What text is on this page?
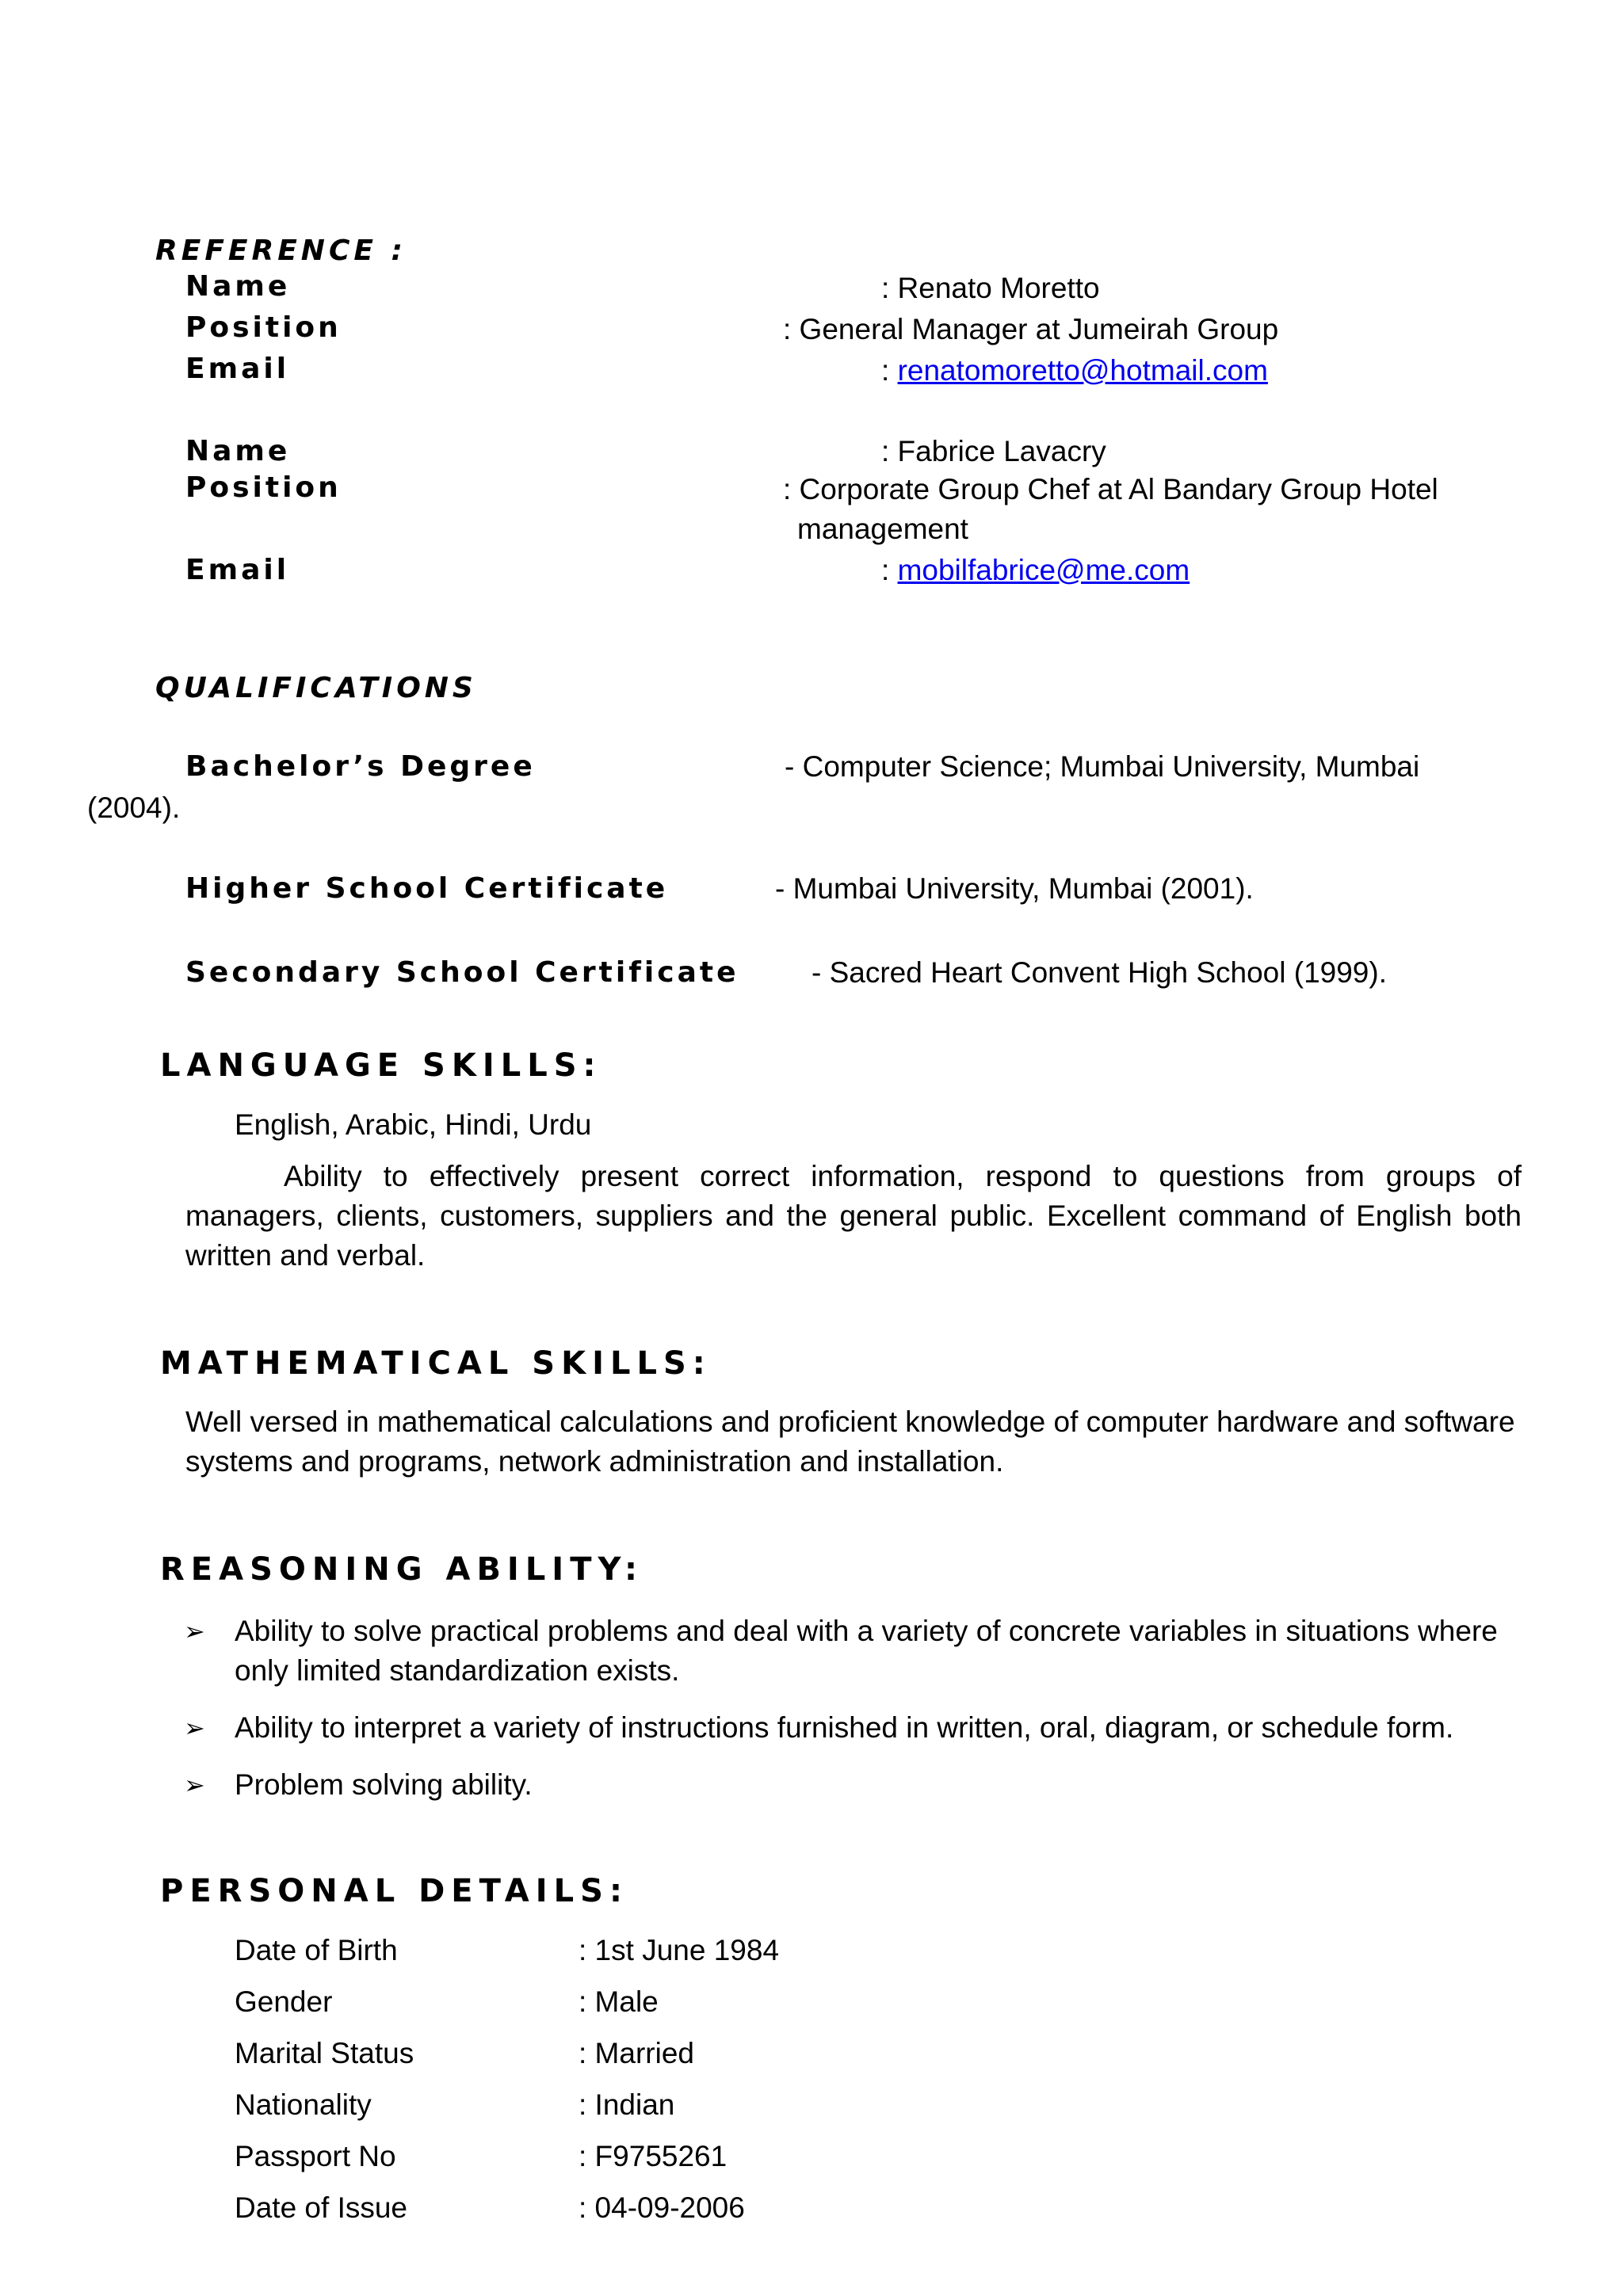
REFERENCE :
Name	: Renato Moretto
Position	: General Manager at Jumeirah Group
Email	: renatomoretto@hotmail.com
Name	: Fabrice Lavacry
Position	: Corporate Group Chef at Al Bandary Group Hotel
management
Email	: mobilfabrice@me.com
QUALIFICATIONS
Bachelor’s Degree	- Computer Science; Mumbai University, Mumbai
(2004).
Higher School Certificate	- Mumbai University, Mumbai (2001).
Secondary School Certificate - Sacred Heart Convent High School (1999).
LANGUAGE SKILLS:
English, Arabic, Hindi, Urdu
Ability to effectively present correct information, respond to questions from groups of managers, clients, customers, suppliers and the general public. Excellent command of English both written and verbal.
MATHEMATICAL SKILLS:
Well versed in mathematical calculations and proficient knowledge of computer hardware and software systems and programs, network administration and installation.
REASONING ABILITY:
➢ Ability to solve practical problems and deal with a variety of concrete variables in situations where only limited standardization exists.
➢ Ability to interpret a variety of instructions furnished in written, oral, diagram, or schedule form.
➢ Problem solving ability.
PERSONAL DETAILS:
Date of Birth	: 1st June 1984
Gender	: Male
Marital Status	: Married
Nationality	: Indian
Passport No	: F9755261
Date of Issue	: 04-09-2006
